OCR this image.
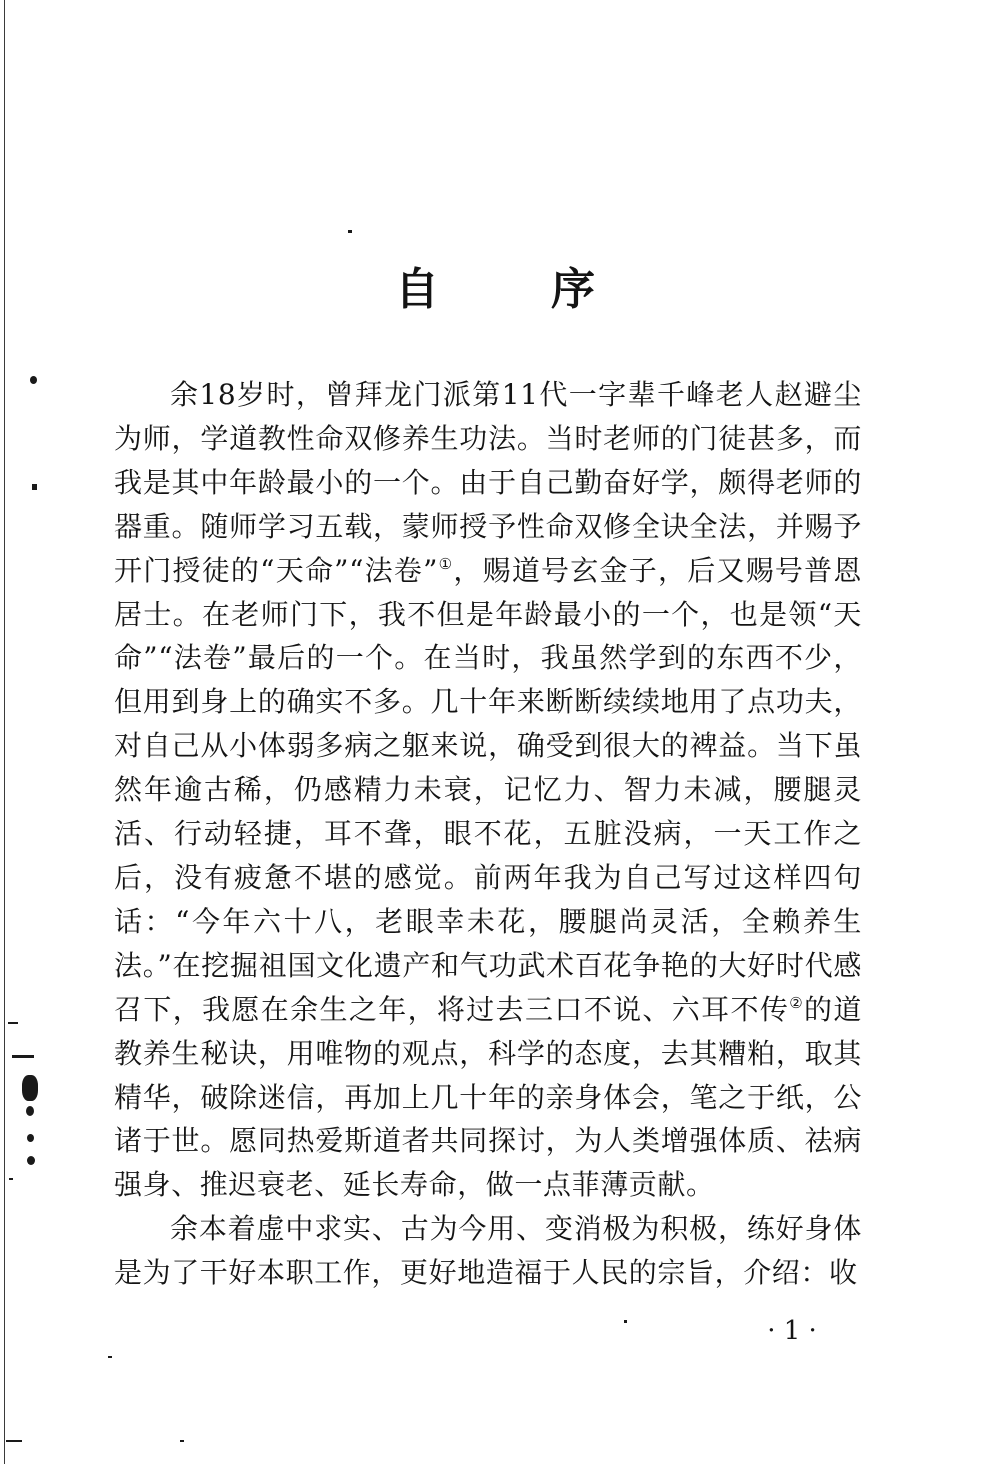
自	序

余18岁时，曾拜龙门派第11代一字辈千峰老人赵避尘为师，学道教性命双修养生功法。当时老师的门徒甚多，而我是其中年龄最小的一个。由于自己勤奋好学，颇得老师的器重。随师学习五载，蒙师授予性命双修全诀全法，并赐予开门授徒的“天命”“法卷”①，赐道号玄金子，后又赐号普恩居士。在老师门下，我不但是年龄最小的一个，也是领“天命”“法卷”最后的一个。在当时，我虽然学到的东西不少，但用到身上的确实不多。几十年来断断续续地用了点功夫，对自己从小体弱多病之躯来说，确受到很大的裨益。当下虽然年逾古稀，仍感精力未衰，记忆力、智力未减，腰腿灵活、行动轻捷，耳不聋，眼不花，五脏没病，一天工作之后，没有疲惫不堪的感觉。前两年我为自己写过这样四句话：“今年六十八，老眼幸未花，腰腿尚灵活，全赖养生法。”在挖掘祖国文化遗产和气功武术百花争艳的大好时代感召下，我愿在余生之年，将过去三口不说、六耳不传②的道教养生秘诀，用唯物的观点，科学的态度，去其糟粕，取其精华，破除迷信，再加上几十年的亲身体会，笔之于纸，公诸于世。愿同热爱斯道者共同探讨，为人类增强体质、祛病强身、推迟衰老、延长寿命，做一点菲薄贡献。

余本着虚中求实、古为今用、变消极为积极，练好身体是为了干好本职工作，更好地造福于人民的宗旨，介绍：收

· 1 ·
